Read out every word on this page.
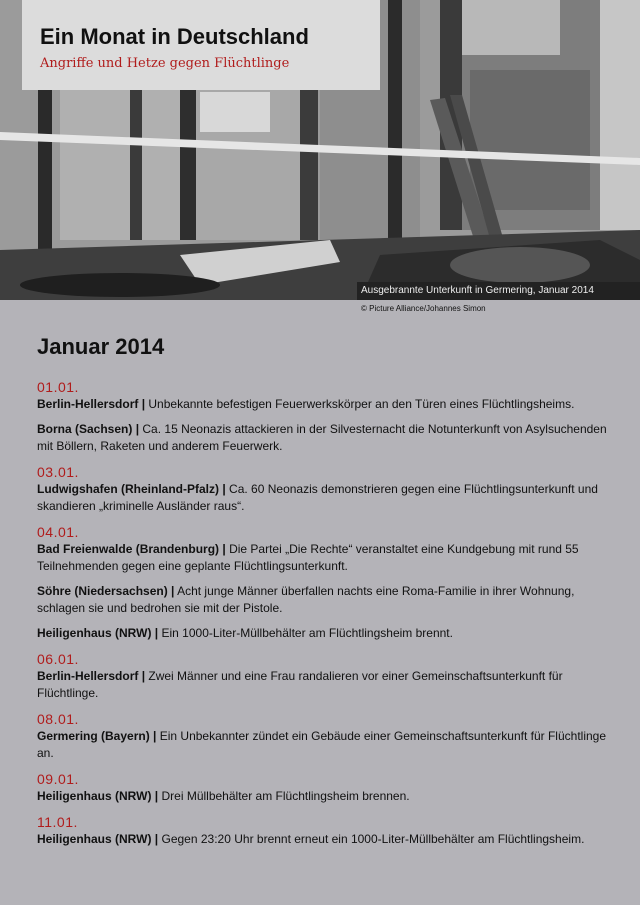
Ein Monat in Deutschland
Angriffe und Hetze gegen Flüchtlinge
Ausgebrannte Unterkunft in Germering, Januar 2014
© Picture Alliance/Johannes Simon
Januar 2014
01.01.
Berlin-Hellersdorf | Unbekannte befestigen Feuerwerkskörper an den Türen eines Flüchtlingsheims.
Borna (Sachsen) | Ca. 15 Neonazis attackieren in der Silvesternacht die Notunterkunft von Asylsuchenden mit Böllern, Raketen und anderem Feuerwerk.
03.01.
Ludwigshafen (Rheinland-Pfalz) | Ca. 60 Neonazis demonstrieren gegen eine Flüchtlingsunterkunft und skandieren „kriminelle Ausländer raus“.
04.01.
Bad Freienwalde (Brandenburg) | Die Partei „Die Rechte“ veranstaltet eine Kundgebung mit rund 55 Teilnehmenden gegen eine geplante Flüchtlingsunterkunft.
Söhre (Niedersachsen) | Acht junge Männer überfallen nachts eine Roma-Familie in ihrer Wohnung, schlagen sie und bedrohen sie mit der Pistole.
Heiligenhaus (NRW) | Ein 1000-Liter-Müllbehälter am Flüchtlingsheim brennt.
06.01.
Berlin-Hellersdorf | Zwei Männer und eine Frau randalieren vor einer Gemeinschaftsunterkunft für Flüchtlinge.
08.01.
Germering (Bayern) | Ein Unbekannter zündet ein Gebäude einer Gemeinschaftsunterkunft für Flüchtlinge an.
09.01.
Heiligenhaus (NRW) | Drei Müllbehälter am Flüchtlingsheim brennen.
11.01.
Heiligenhaus (NRW) | Gegen 23:20 Uhr brennt erneut ein 1000-Liter-Müllbehälter am Flüchtlingsheim.
